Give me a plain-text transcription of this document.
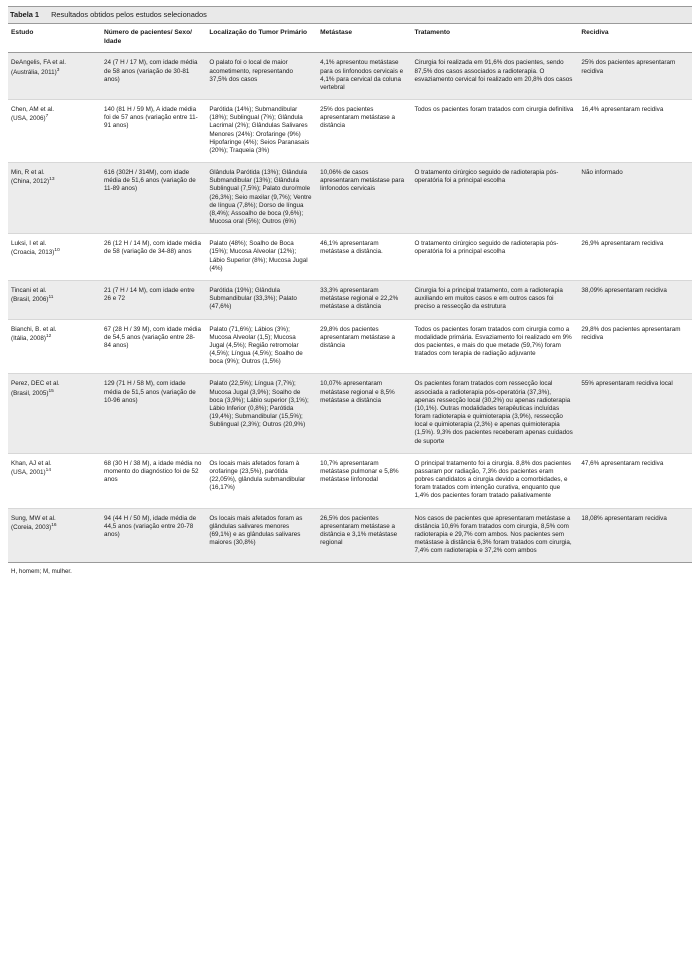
Tabela 1 Resultados obtidos pelos estudos selecionados
Estudo	Número de pacientes/ Sexo/ Idade	Localização do Tumor Primário	Metástase	Tratamento	Recidiva

DeAngelis, FA et al.
(Austrália, 2011)$^3$	24 (7 H / 17 M), com idade média de 58 anos (variação de 30-81 anos)	O palato foi o local de maior acometimento, representando 37,5% dos casos	4,1% apresentou metástase para os linfonodos cervicais e 4,1% para cervical da coluna vertebral	Cirurgia foi realizada em 91,6% dos pacientes, sendo 87,5% dos casos associados a radioterapia. O esvaziamento cervical foi realizado em 20,8% dos casos	25% dos pacientes apresentaram recidiva

Chen, AM et al.
(USA, 2006)$^7$	140 (81 H / 59 M), A idade média foi de 57 anos (variação entre 11-91 anos)	Parótida (14%); Submandibular (18%); Sublingual (7%); Glândula Lacrimal (2%); Glândulas Salivares Menores (24%): Orofaringe (9%) Hipofaringe (4%); Seios Paranasais (20%); Traqueia (3%)	25% dos pacientes apresentaram metástase a distância	Todos os pacientes foram tratados com cirurgia definitiva	16,4% apresentaram recidiva

Min, R et al.
(China, 2012)$^{13}$	616 (302H / 314M), com idade média de 51,6 anos (variação de 11-89 anos)	Glândula Parótida (13%); Glândula Submandibular (13%); Glândula Sublingual (7,5%); Palato duro/mole (26,3%); Seio maxilar (9,7%); Ventre de língua (7,8%); Dorso de língua (8,4%); Assoalho de boca (9,6%); Mucosa oral (5%); Outros (6%)	10,06% de casos apresentaram metástase para linfonodos cervicais	O tratamento cirúrgico seguido de radioterapia pós-operatória foi a principal escolha	Não informado

Luksi, I et al.
(Croacia, 2013)$^{10}$	26 (12 H / 14 M), com idade média de 58 (variação de 34-88) anos	Palato (48%); Soalho de Boca (15%); Mucosa Alveolar (12%); Lábio Superior (8%); Mucosa Jugal (4%)	46,1% apresentaram metástase a distância.	O tratamento cirúrgico seguido de radioterapia pós-operatória foi a principal escolha	26,9% apresentaram recidiva

Tincani et al.
(Brasil, 2006)$^{11}$	21 (7 H / 14 M), com idade entre 26 e 72	Parótida (19%); Glândula Submandibular (33,3%); Palato (47,6%)	33,3% apresentaram metástase regional e 22,2% metástase a distância	Cirurgia foi a principal tratamento, com a radioterapia auxiliando em muitos casos e em outros casos foi preciso a ressecção da estrutura	38,09% apresentaram recidiva

Bianchi, B. et al.
(Itália, 2008)$^{12}$	67 (28 H / 39 M), com idade média de 54,5 anos (variação entre 28-84 anos)	Palato (71,6%); Lábios (3%); Mucosa Alveolar (1,5); Mucosa Jugal (4,5%); Região retromolar (4,5%); Língua (4,5%); Soalho de boca (9%); Outros (1,5%)	29,8% dos pacientes apresentaram metástase a distância	Todos os pacientes foram tratados com cirurgia como a modalidade primária. Esvaziamento foi realizado em 9% dos pacientes, e mais do que metade (59,7%) foram tratados com terapia de radiação adjuvante	29,8% dos pacientes apresentaram recidiva

Perez, DEC et al.
(Brasil, 2005)$^{15}$	129 (71 H / 58 M), com idade média de 51,5 anos (variação de 10-96 anos)	Palato (22,5%); Língua (7,7%); Mucosa Jugal (3,9%); Soalho de boca (3,9%); Lábio superior (3,1%); Lábio Inferior (0,8%); Parótida (19,4%); Submandibular (15,5%); Sublingual (2,3%); Outros (20,9%)	10,07% apresentaram metástase regional e 8,5% metástase a distância	Os pacientes foram tratados com ressecção local associada a radioterapia pós-operatória (37,3%), apenas ressecção local (30,2%) ou apenas radioterapia (10,1%). Outras modalidades terapêuticas incluídas foram radioterapia e quimioterapia (3,9%), ressecção local e quimioterapia (2,3%) e apenas quimioterapia (1,5%). 9,3% dos pacientes receberam apenas cuidados de suporte	55% apresentaram recidiva local

Khan, AJ et al.
(USA, 2001)$^{14}$	68 (30 H / 38 M), a idade média no momento do diagnóstico foi de 52 anos	Os locais mais afetados foram à orofaringe (23,5%), parótida (22,05%), glândula submandibular (16,17%)	10,7% apresentaram metástase pulmonar e 5,8% metástase linfonodal	O principal tratamento foi a cirurgia. 8,8% dos pacientes passaram por radiação, 7,3% dos pacientes eram pobres candidatos a cirurgia devido a comorbidades, e foram tratados com intenção curativa, enquanto que 1,4% dos pacientes foram tratado paliativamente	47,6% apresentaram recidiva

Sung, MW et al.
(Coreia, 2003)$^{16}$	94 (44 H / 50 M), idade média de 44,5 anos (variação entre 20-78 anos)	Os locais mais afetados foram as glândulas salivares menores (69,1%) e as glândulas salivares maiores (30,8%)	26,5% dos pacientes apresentaram metástase a distância e 3,1% metástase regional	Nos casos de pacientes que apresentaram metástase a distância 10,6% foram tratados com cirurgia, 8,5% com radioterapia e 29,7% com ambos. Nos pacientes sem metástase à distância 6,3% foram tratados com cirurgia, 7,4% com radioterapia e 37,2% com ambos	18,08% apresentaram recidiva
H, homem; M, mulher.
